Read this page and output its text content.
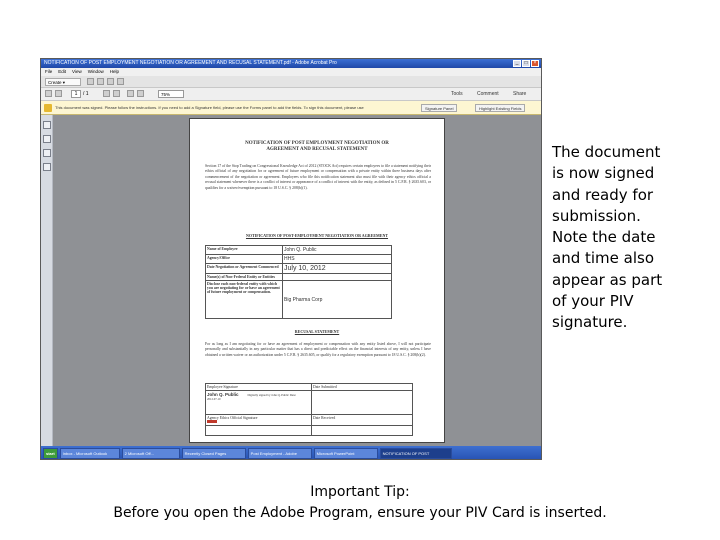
NOTIFICATION OF POST EMPLOYMENT NEGOTIATION OR AGREEMENT AND RECUSAL STATEMENT.pdf - Adobe Acrobat Pro	_	□	×
File Edit View Window Help
Create ▾
1	/ 1	75%	Tools	Comment	Share
This document was signed. Please follow the instructions. If you need to add a Signature field, please use the Forms panel to add the fields. To sign this document, please use	Signature Panel	Highlight Existing Fields
NOTIFICATION OF POST EMPLOYMENT NEGOTIATION OR
AGREEMENT AND RECUSAL STATEMENT
Section 17 of the Stop Trading on Congressional Knowledge Act of 2012 (STOCK Act) requires certain employees to file a statement notifying their ethics official of any negotiation for or agreement of future employment or compensation with a private entity within three business days after commencement of the negotiation or agreement. Employees who file this notification statement also must file with their agency ethics official a recusal statement whenever there is a conflict of interest or appearance of a conflict of interest with the entity, as defined in 5 C.F.R. § 2635.603, or qualifies for a waiver/exemption pursuant to 18 U.S.C. § 208(b)(1).
NOTIFICATION OF POST-EMPLOYMENT NEGOTIATION OR AGREEMENT
Name of Employee	John Q. Public
Agency/Office	HHS
Date Negotiation or Agreement Commenced	July 10, 2012
Name(s) of Non-Federal Entity or Entities	
Disclose each non-federal entity with which you are negotiating for or have an agreement of future employment or compensation.	Big Pharma Corp
RECUSAL STATEMENT
For as long as I am negotiating for or have an agreement of employment or compensation with any entity listed above, I will not participate personally and substantially in any particular matter that has a direct and predictable effect on the financial interests of any entity, unless I have obtained a written waiver or an authorization under 5 C.F.R. § 2635.605, or qualify for a regulatory exemption pursuant to 18 U.S.C. § 208(b)(2).
Employee Signature	Date Submitted
John Q. Public Digitally signed by John Q. Public Date: 2012.07.10	

Agency Ethics Official Signature	Date Received

start	Inbox - Microsoft Outlook	2 Microsoft Off...	Recently Closed Pages	Post Employment - Adobe	Microsoft PowerPoint	NOTIFICATION OF POST
The document is now signed and ready for submission. Note the date and time also appear as part of your PIV signature.
Important Tip:
Before you open the Adobe Program, ensure your PIV Card is inserted.
